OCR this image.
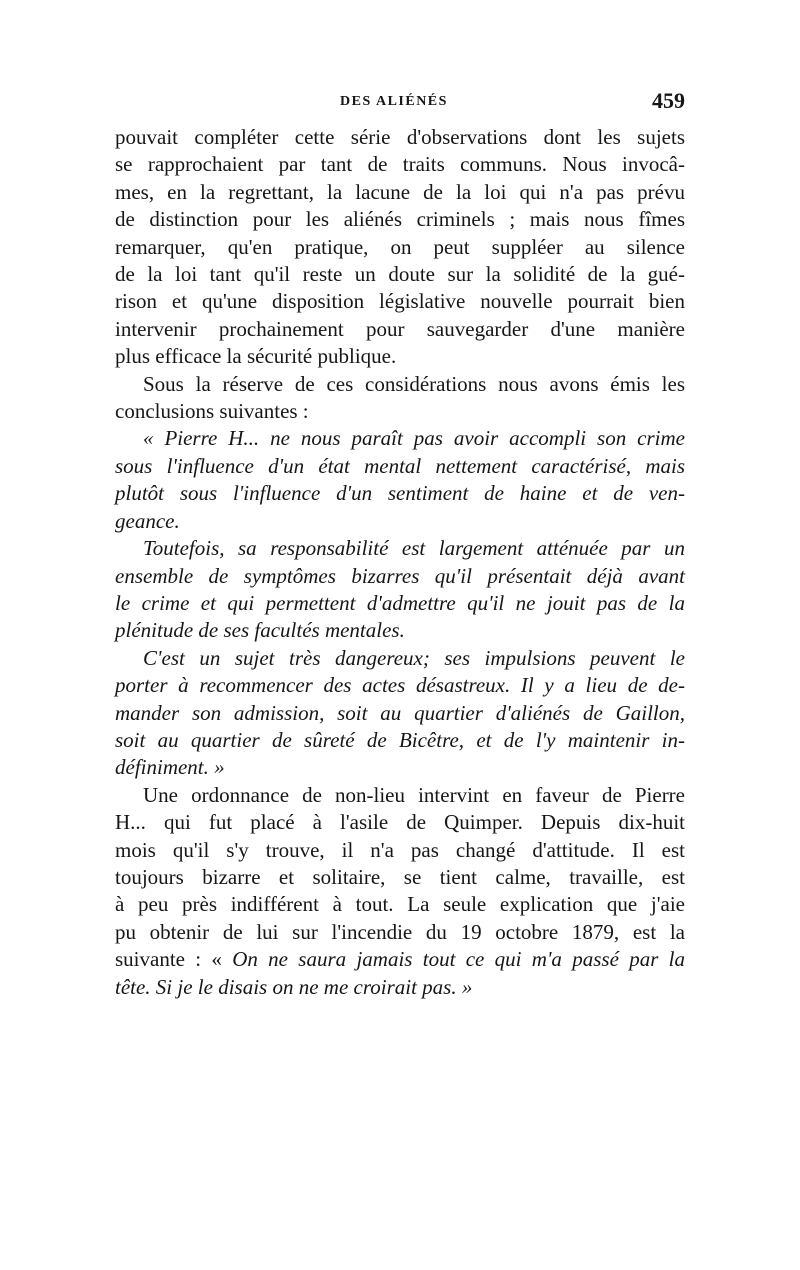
DES ALIÉNÉS	459
pouvait compléter cette série d'observations dont les sujets
se rapprochaient par tant de traits communs. Nous invocâ-
mes, en la regrettant, la lacune de la loi qui n'a pas prévu
de distinction pour les aliénés criminels ; mais nous fîmes
remarquer, qu'en pratique, on peut suppléer au silence
de la loi tant qu'il reste un doute sur la solidité de la gué-
rison et qu'une disposition législative nouvelle pourrait bien
intervenir prochainement pour sauvegarder d'une manière
plus efficace la sécurité publique.
Sous la réserve de ces considérations nous avons émis les
conclusions suivantes :
« Pierre H... ne nous paraît pas avoir accompli son crime
sous l'influence d'un état mental nettement caractérisé, mais
plutôt sous l'influence d'un sentiment de haine et de ven-
geance.
Toutefois, sa responsabilité est largement atténuée par un
ensemble de symptômes bizarres qu'il présentait déjà avant
le crime et qui permettent d'admettre qu'il ne jouit pas de la
plénitude de ses facultés mentales.
C'est un sujet très dangereux; ses impulsions peuvent le
porter à recommencer des actes désastreux. Il y a lieu de de-
mander son admission, soit au quartier d'aliénés de Gaillon,
soit au quartier de sûreté de Bicêtre, et de l'y maintenir in-
définiment. »
Une ordonnance de non-lieu intervint en faveur de Pierre
H... qui fut placé à l'asile de Quimper. Depuis dix-huit
mois qu'il s'y trouve, il n'a pas changé d'attitude. Il est
toujours bizarre et solitaire, se tient calme, travaille, est
à peu près indifférent à tout. La seule explication que j'aie
pu obtenir de lui sur l'incendie du 19 octobre 1879, est la
suivante : « On ne saura jamais tout ce qui m'a passé par la
tête. Si je le disais on ne me croirait pas. »
